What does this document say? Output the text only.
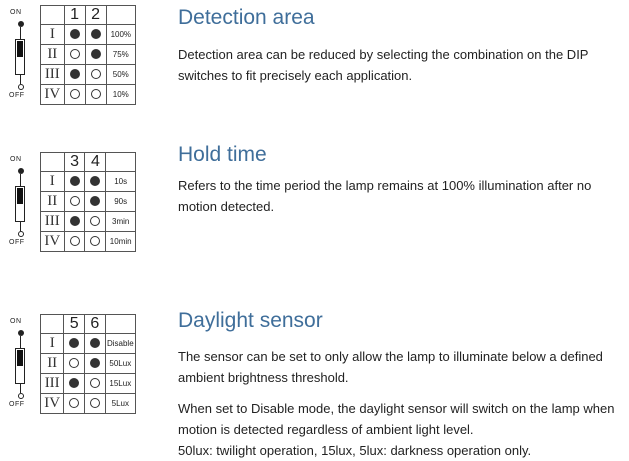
ON
OFF
	1	2	
I			100%
II			75%
III			50%
IV			10%
Detection area
Detection area can be reduced by selecting the combination on the DIP switches to fit precisely each application.
ON
OFF
	3	4	
I			10s
II			90s
III			3min
IV			10min
Hold time
Refers to the time period the lamp remains at 100% illumination after no motion detected.
ON
OFF
	5	6	
I			Disable
II			50Lux
III			15Lux
IV			5Lux
Daylight sensor
The sensor can be set to only allow the lamp to illuminate below a defined ambient brightness threshold.
When set to Disable mode, the daylight sensor will switch on the lamp when motion is detected regardless of ambient light level.
50lux: twilight operation, 15lux, 5lux: darkness operation only.
